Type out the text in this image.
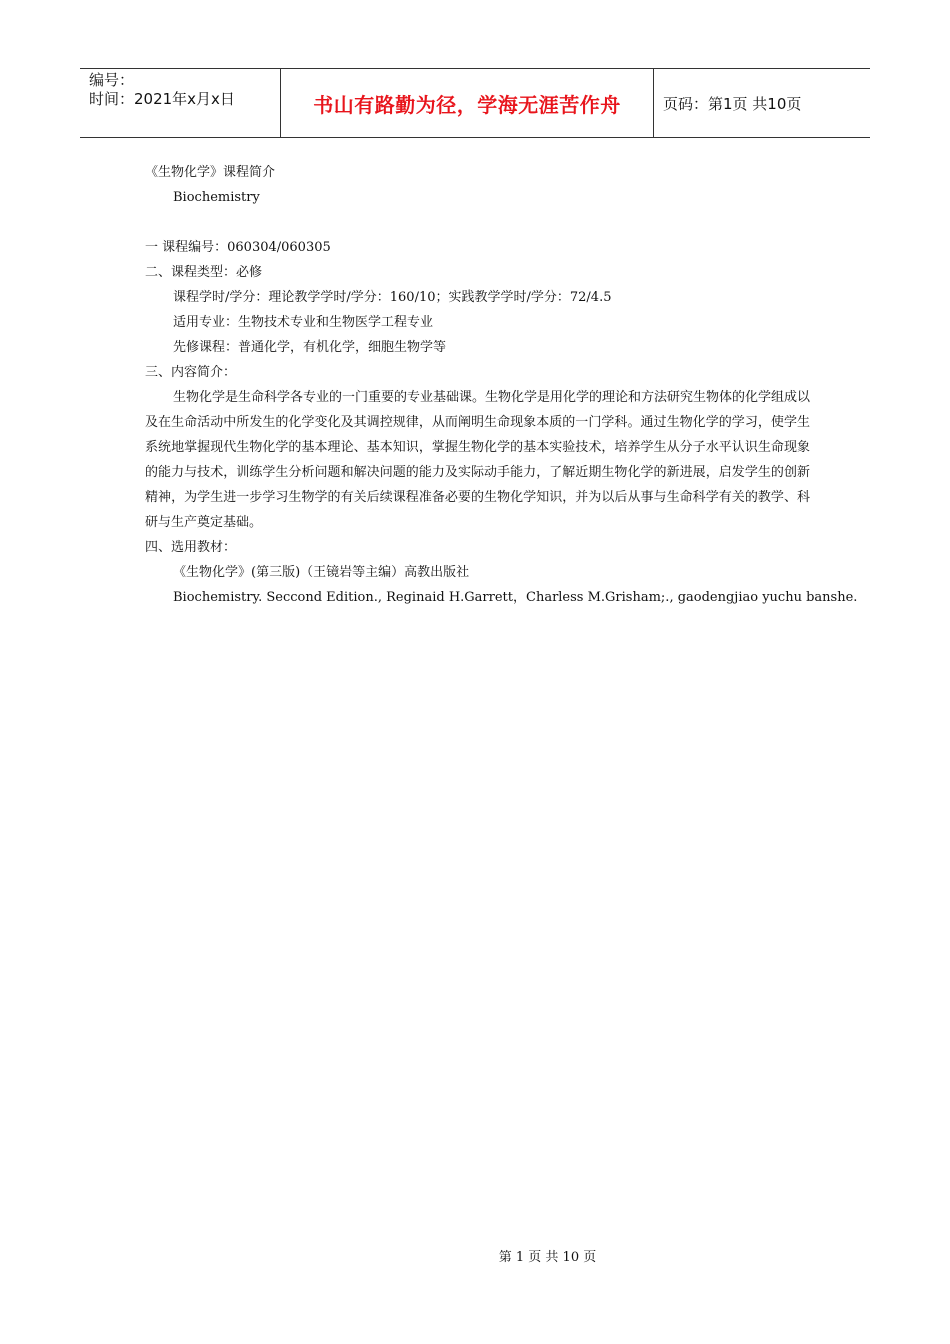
编号：
时间：2021年x月x日	书山有路勤为径，学海无涯苦作舟	页码：第1页 共10页
《生物化学》课程简介
Biochemistry
一 课程编号：060304/060305
二、课程类型：必修
课程学时/学分：理论教学学时/学分：160/10；实践教学学时/学分：72/4.5
适用专业：生物技术专业和生物医学工程专业
先修课程：普通化学，有机化学，细胞生物学等
三、内容简介：
生物化学是生命科学各专业的一门重要的专业基础课。生物化学是用化学的理论和方法研究生物体的化学组成以及在生命活动中所发生的化学变化及其调控规律，从而阐明生命现象本质的一门学科。通过生物化学的学习，使学生系统地掌握现代生物化学的基本理论、基本知识，掌握生物化学的基本实验技术，培养学生从分子水平认识生命现象的能力与技术，训练学生分析问题和解决问题的能力及实际动手能力，了解近期生物化学的新进展，启发学生的创新精神，为学生进一步学习生物学的有关后续课程准备必要的生物化学知识，并为以后从事与生命科学有关的教学、科研与生产奠定基础。
四、选用教材：
《生物化学》(第三版)（王镜岩等主编）高教出版社
Biochemistry. Seccond Edition., Reginaid H.Garrett，Charless M.Grisham;., gaodengjiao yuchu banshe.
第 1 页 共 10 页
